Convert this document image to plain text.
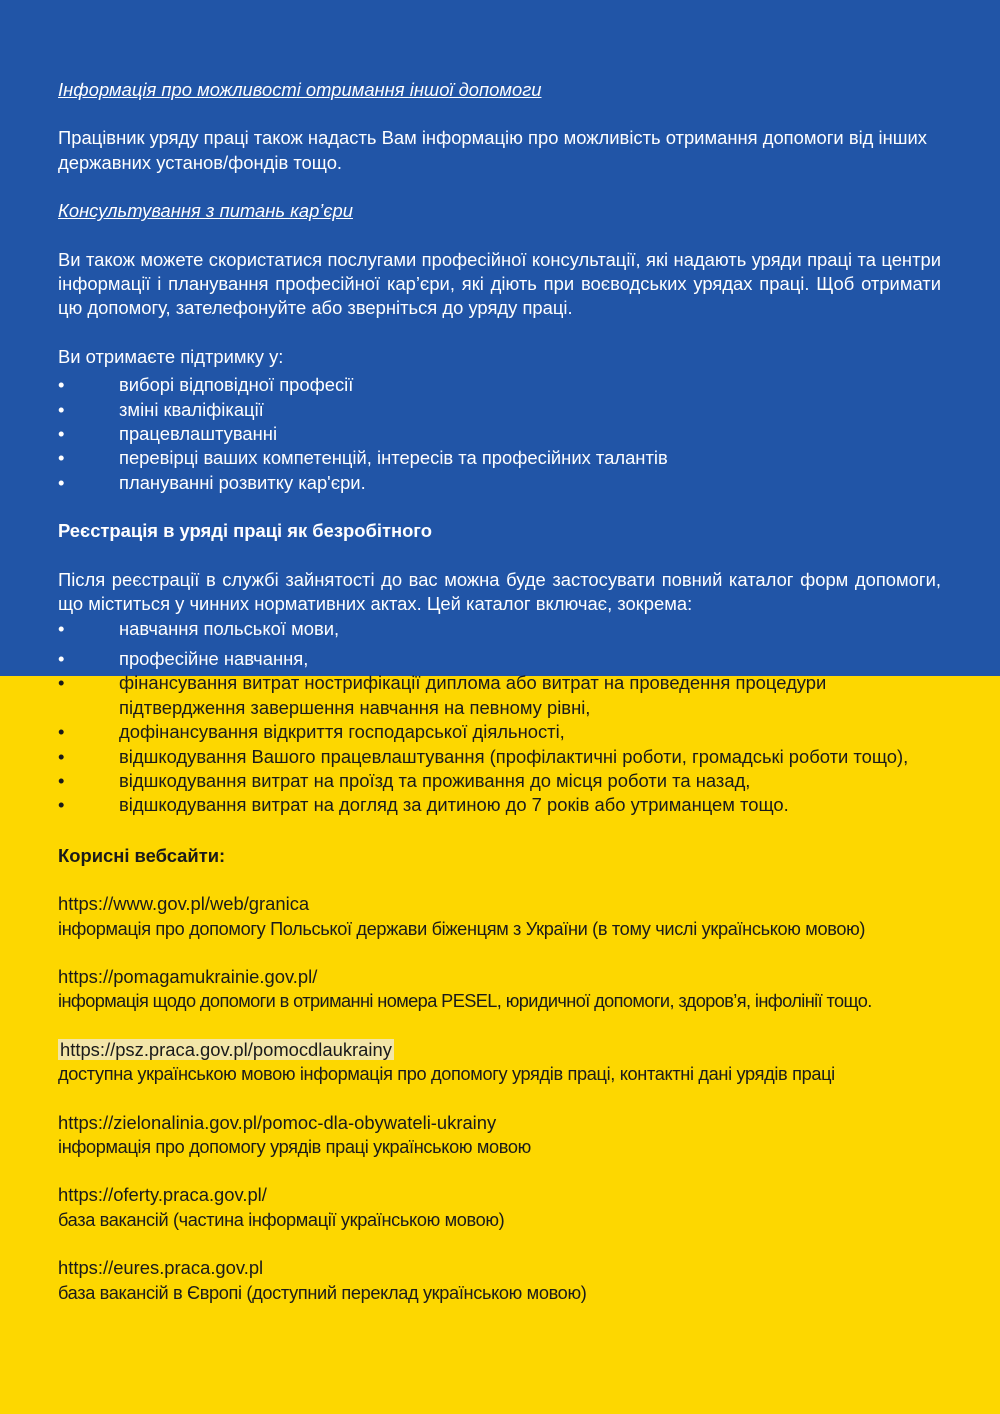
Інформація про можливості отримання іншої допомоги

Працівник уряду праці також надасть Вам інформацію про можливість отримання допомоги від інших державних установ/фондів тощо.

Консультування з питань кар’єри

Ви також можете скористатися послугами професійної консультації, які надають уряди праці та центри інформації і планування професійної кар’єри, які діють при воєводських урядах праці. Щоб отримати цю допомогу, зателефонуйте або зверніться до уряду праці.

Ви отримаєте підтримку у:

• виборі відповідної професії
• зміні кваліфікації
• працевлаштуванні
• перевірці ваших компетенцій, інтересів та професійних талантів
• плануванні розвитку кар'єри.

Реєстрація в уряді праці як безробітного

Після реєстрації в службі зайнятості до вас можна буде застосувати повний каталог форм допомоги, що міститься у чинних нормативних актах. Цей каталог включає, зокрема:

• навчання польської мови,
• професійне навчання,
• фінансування витрат нострифікації диплома або витрат на проведення процедури підтвердження завершення навчання на певному рівні,
• дофінансування відкриття господарської діяльності,
• відшкодування Вашого працевлаштування (профілактичні роботи, громадські роботи тощо),
• відшкодування витрат на проїзд та проживання до місця роботи та назад,
• відшкодування витрат на догляд за дитиною до 7 років або утриманцем тощо.

Корисні вебсайти:

https://www.gov.pl/web/granica

інформація про допомогу Польської держави біженцям з України (в тому числі українською мовою)

https://pomagamukrainie.gov.pl/

інформація щодо допомоги в отриманні номера PESEL, юридичної допомоги, здоров’я, інфолінії тощо.

https://psz.praca.gov.pl/pomocdlaukrainy

доступна українською мовою інформація про допомогу урядів праці, контактні дані урядів праці

https://zielonalinia.gov.pl/pomoc-dla-obywateli-ukrainy

інформація про допомогу урядів праці українською мовою

https://oferty.praca.gov.pl/

база вакансій (частина інформації українською мовою)

https://eures.praca.gov.pl

база вакансій в Європі (доступний переклад українською мовою)
